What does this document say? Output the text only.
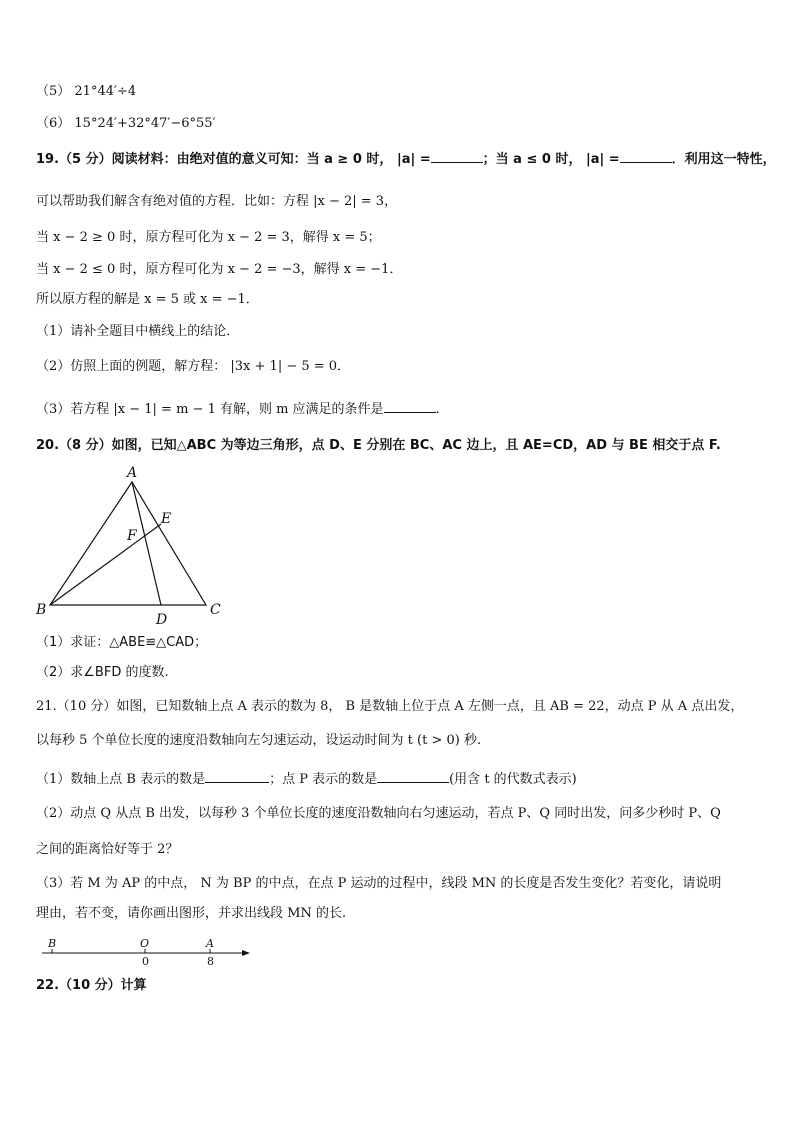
（5） 21°44′÷4
（6） 15°24′+32°47′−6°55′
19.（5 分）阅读材料：由绝对值的意义可知：当 a ≥ 0 时， |a| =	；当 a ≤ 0 时， |a| =	．利用这一特性，
可以帮助我们解含有绝对值的方程．比如：方程 |x − 2| = 3，
当 x − 2 ≥ 0 时，原方程可化为 x − 2 = 3，解得 x = 5；
当 x − 2 ≤ 0 时，原方程可化为 x − 2 = −3，解得 x = −1．
所以原方程的解是 x = 5 或 x = −1．
（1）请补全题目中横线上的结论．
（2）仿照上面的例题，解方程： |3x + 1| − 5 = 0．
（3）若方程 |x − 1| = m − 1 有解，则 m 应满足的条件是	．
20.（8 分）如图，已知△ABC 为等边三角形，点 D、E 分别在 BC、AC 边上，且 AE=CD，AD 与 BE 相交于点 F.
A
B	C
D
E
F
（1）求证：△ABE≌△CAD；
（2）求∠BFD 的度数.
21.（10 分）如图，已知数轴上点 A 表示的数为 8， B 是数轴上位于点 A 左侧一点，且 AB = 22，动点 P 从 A 点出发，
以每秒 5 个单位长度的速度沿数轴向左匀速运动，设运动时间为 t (t > 0) 秒.
（1）数轴上点 B 表示的数是	；点 P 表示的数是	(用含 t 的代数式表示)
（2）动点 Q 从点 B 出发，以每秒 3 个单位长度的速度沿数轴向右匀速运动，若点 P、Q 同时出发，问多少秒时 P、Q
之间的距离恰好等于 2？
（3）若 M 为 AP 的中点， N 为 BP 的中点，在点 P 运动的过程中，线段 MN 的长度是否发生变化？若变化，请说明
理由，若不变，请你画出图形，并求出线段 MN 的长.
B	O	A
0	8
22.（10 分）计算
